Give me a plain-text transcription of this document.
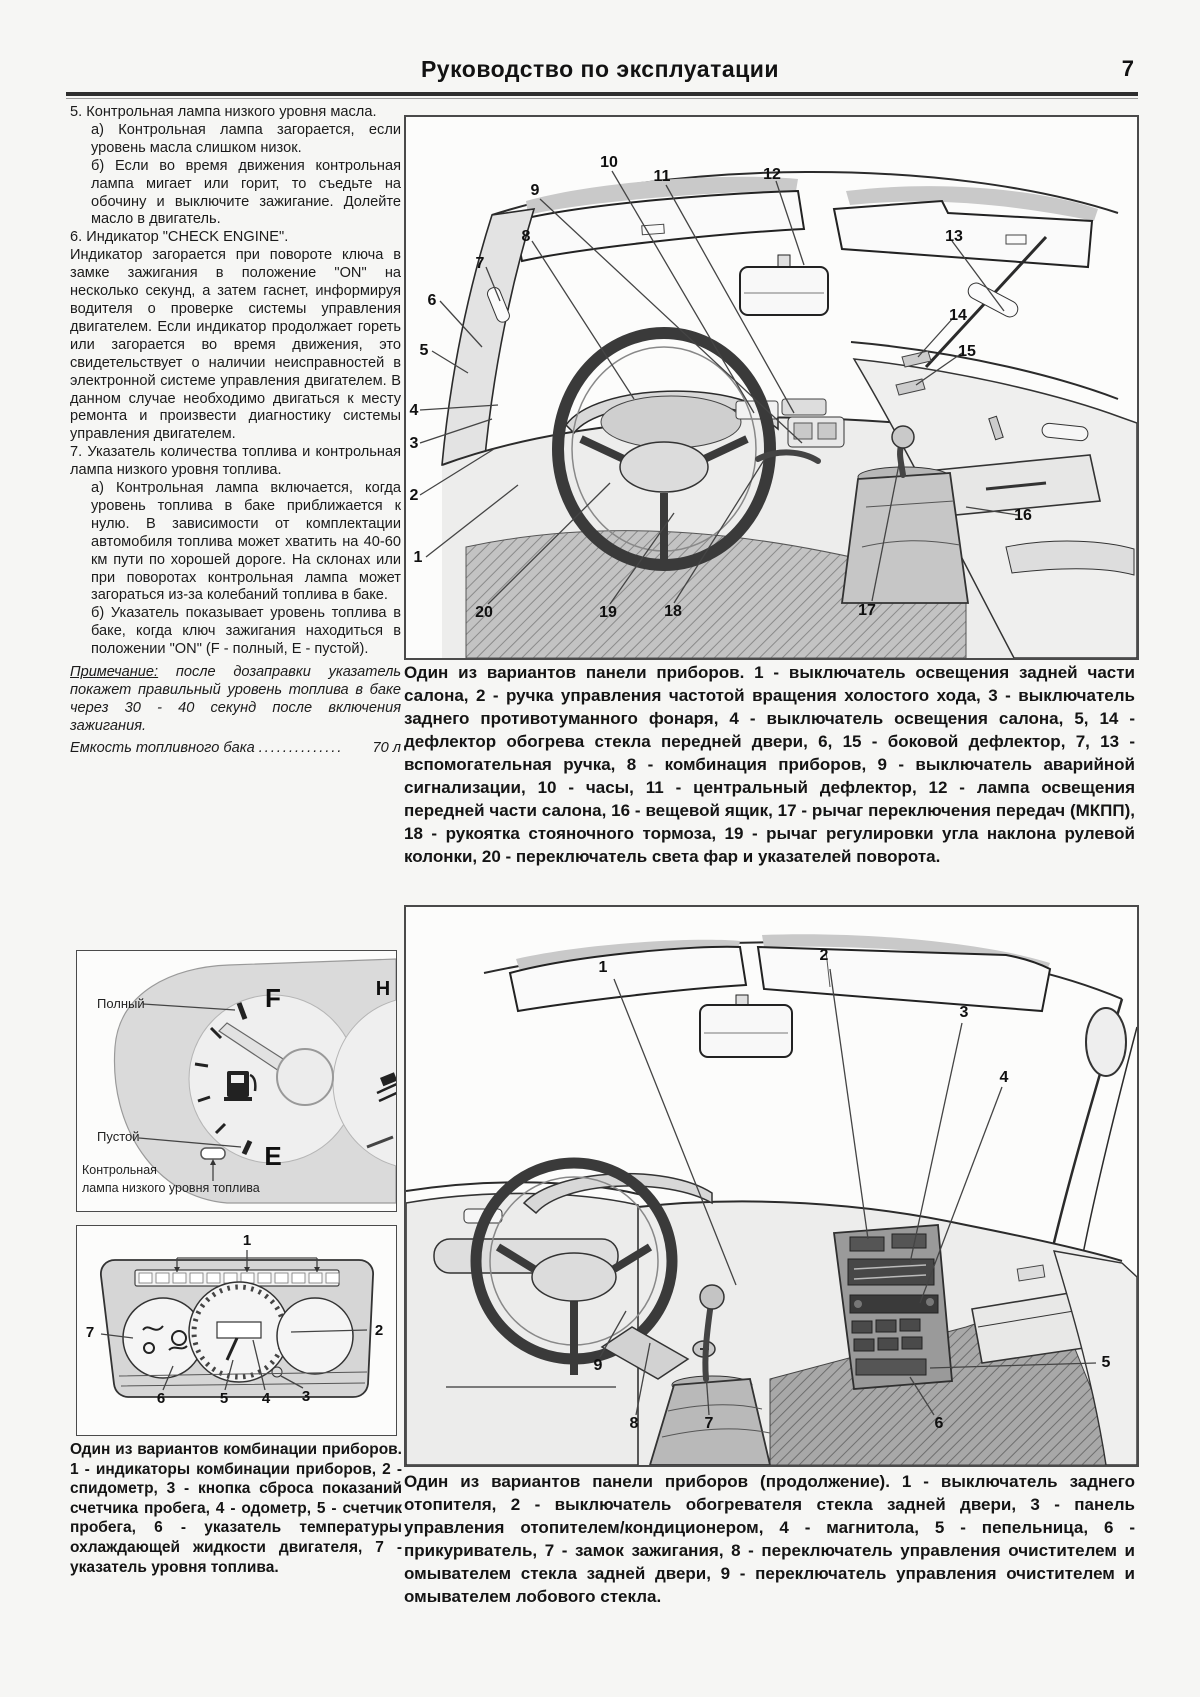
Руководство по эксплуатации	7

5. Контрольная лампа низкого уровня масла.

а) Контрольная лампа загорается, если уровень масла слишком низок.

б) Если во время движения контрольная лампа мигает или горит, то съедьте на обочину и выключите зажигание. Долейте масло в двигатель.

6. Индикатор "CHECK ENGINE".

Индикатор загорается при повороте ключа в замке зажигания в положение "ON" на несколько секунд, а затем гаснет, информируя водителя о проверке системы управления двигателем. Если индикатор продолжает гореть или загорается во время движения, это свидетельствует о наличии неисправностей в электронной системе управления двигателем. В данном случае необходимо двигаться к месту ремонта и произвести диагностику системы управления двигателем.

7. Указатель количества топлива и контрольная лампа низкого уровня топлива.

а) Контрольная лампа включается, когда уровень топлива в баке приближается к нулю. В зависимости от комплектации автомобиля топлива может хватить на 40-60 км пути по хорошей дороге. На склонах или при поворотах контрольная лампа может загораться из-за колебаний топлива в баке.

б) Указатель показывает уровень топлива в баке, когда ключ зажигания находиться в положении "ON" (F - полный, Е - пустой).

Примечание: после дозаправки указатель покажет правильный уровень топлива в баке через 30 - 40 секунд после включения зажигания.

Емкость топливного бака ..............	70 л
F
E
H
Полный
Пустой
Контрольная
лампа низкого уровня топлива
1
2
3
4
5
6
7

Один из вариантов комбинации приборов. 1 - индикаторы комбинации приборов, 2 - спидометр, 3 - кнопка сброса показаний счетчика пробега, 4 - одометр, 5 - счетчик пробега, 6 - указатель температуры охлаждающей жидкости двигателя, 7 - указатель уровня топлива.

1
2
3
4
5
6
7
8
9
10
11	12
13
14
15
16
17
18
19
20

Один из вариантов панели приборов. 1 - выключатель освещения задней части салона, 2 - ручка управления частотой вращения холостого хода, 3 - выключатель заднего противотуманного фонаря, 4 - выключатель освещения салона, 5, 14 - дефлектор обогрева стекла передней двери, 6, 15 - боковой дефлектор, 7, 13 - вспомогательная ручка, 8 - комбинация приборов, 9 - выключатель аварийной сигнализации, 10 - часы, 11 - центральный дефлектор, 12 - лампа освещения передней части салона, 16 - вещевой ящик, 17 - рычаг переключения передач (МКПП), 18 - рукоятка стояночного тормоза, 19 - рычаг регулировки угла наклона рулевой колонки, 20 - переключатель света фар и указателей поворота.

1
2
3
4
5
6
7
8
9

Один из вариантов панели приборов (продолжение). 1 - выключатель заднего отопителя, 2 - выключатель обогревателя стекла задней двери, 3 - панель управления отопителем/кондиционером, 4 - магнитола, 5 - пепельница, 6 - прикуриватель, 7 - замок зажигания, 8 - переключатель управления очистителем и омывателем стекла задней двери, 9 - переключатель управления очистителем и омывателем лобового стекла.
